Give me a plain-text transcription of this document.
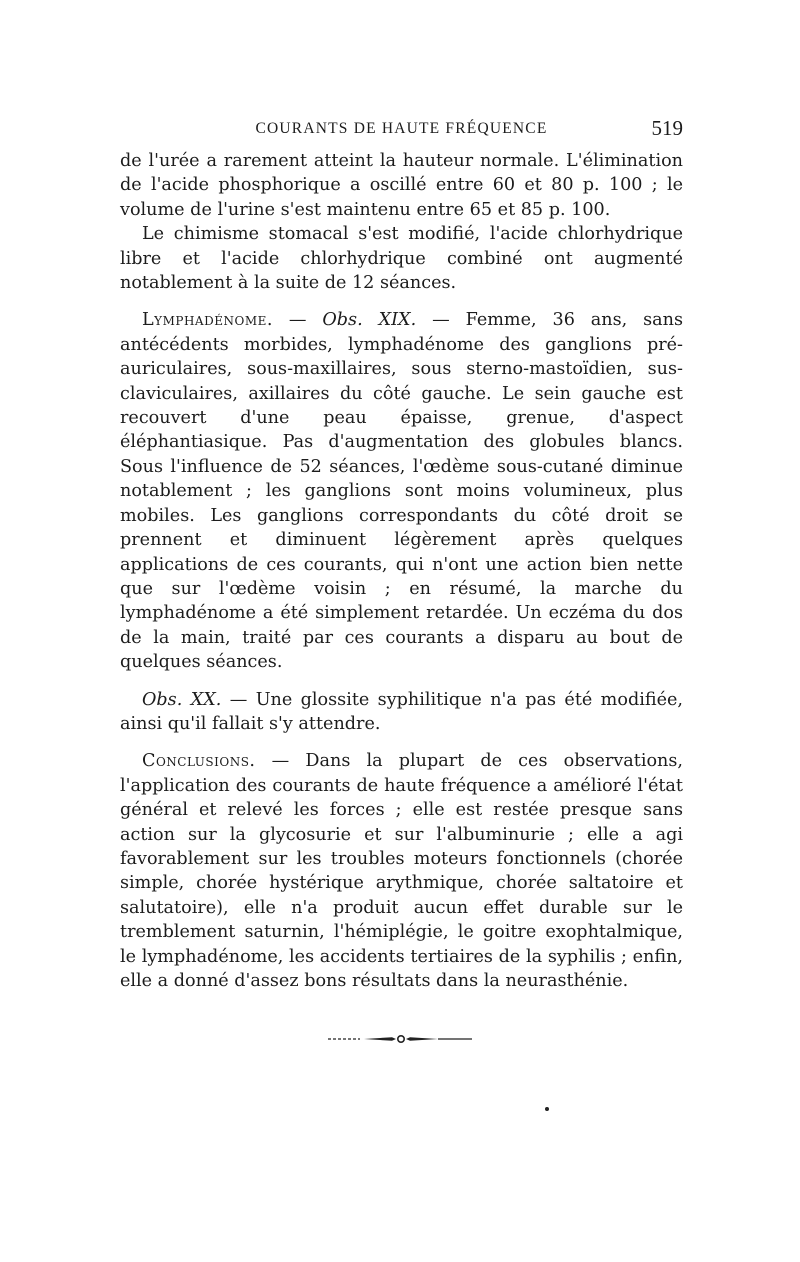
COURANTS DE HAUTE FRÉQUENCE	519

de l'urée a rarement atteint la hauteur normale. L'élimination de l'acide phosphorique a oscillé entre 60 et 80 p. 100 ; le volume de l'urine s'est maintenu entre 65 et 85 p. 100.

Le chimisme stomacal s'est modifié, l'acide chlorhydrique libre et l'acide chlorhydrique combiné ont augmenté notablement à la suite de 12 séances.

Lymphadénome. — Obs. XIX. — Femme, 36 ans, sans antécédents morbides, lymphadénome des ganglions pré-auriculaires, sous-maxillaires, sous sterno-mastoïdien, sus-claviculaires, axillaires du côté gauche. Le sein gauche est recouvert d'une peau épaisse, grenue, d'aspect éléphantiasique. Pas d'augmentation des globules blancs. Sous l'influence de 52 séances, l'œdème sous-cutané diminue notablement ; les ganglions sont moins volumineux, plus mobiles. Les ganglions correspondants du côté droit se prennent et diminuent légèrement après quelques applications de ces courants, qui n'ont une action bien nette que sur l'œdème voisin ; en résumé, la marche du lymphadénome a été simplement retardée. Un eczéma du dos de la main, traité par ces courants a disparu au bout de quelques séances.

Obs. XX. — Une glossite syphilitique n'a pas été modifiée, ainsi qu'il fallait s'y attendre.

Conclusions. — Dans la plupart de ces observations, l'application des courants de haute fréquence a amélioré l'état général et relevé les forces ; elle est restée presque sans action sur la glycosurie et sur l'albuminurie ; elle a agi favorablement sur les troubles moteurs fonctionnels (chorée simple, chorée hystérique arythmique, chorée saltatoire et salutatoire), elle n'a produit aucun effet durable sur le tremblement saturnin, l'hémiplégie, le goitre exophtalmique, le lymphadénome, les accidents tertiaires de la syphilis ; enfin, elle a donné d'assez bons résultats dans la neurasthénie.
